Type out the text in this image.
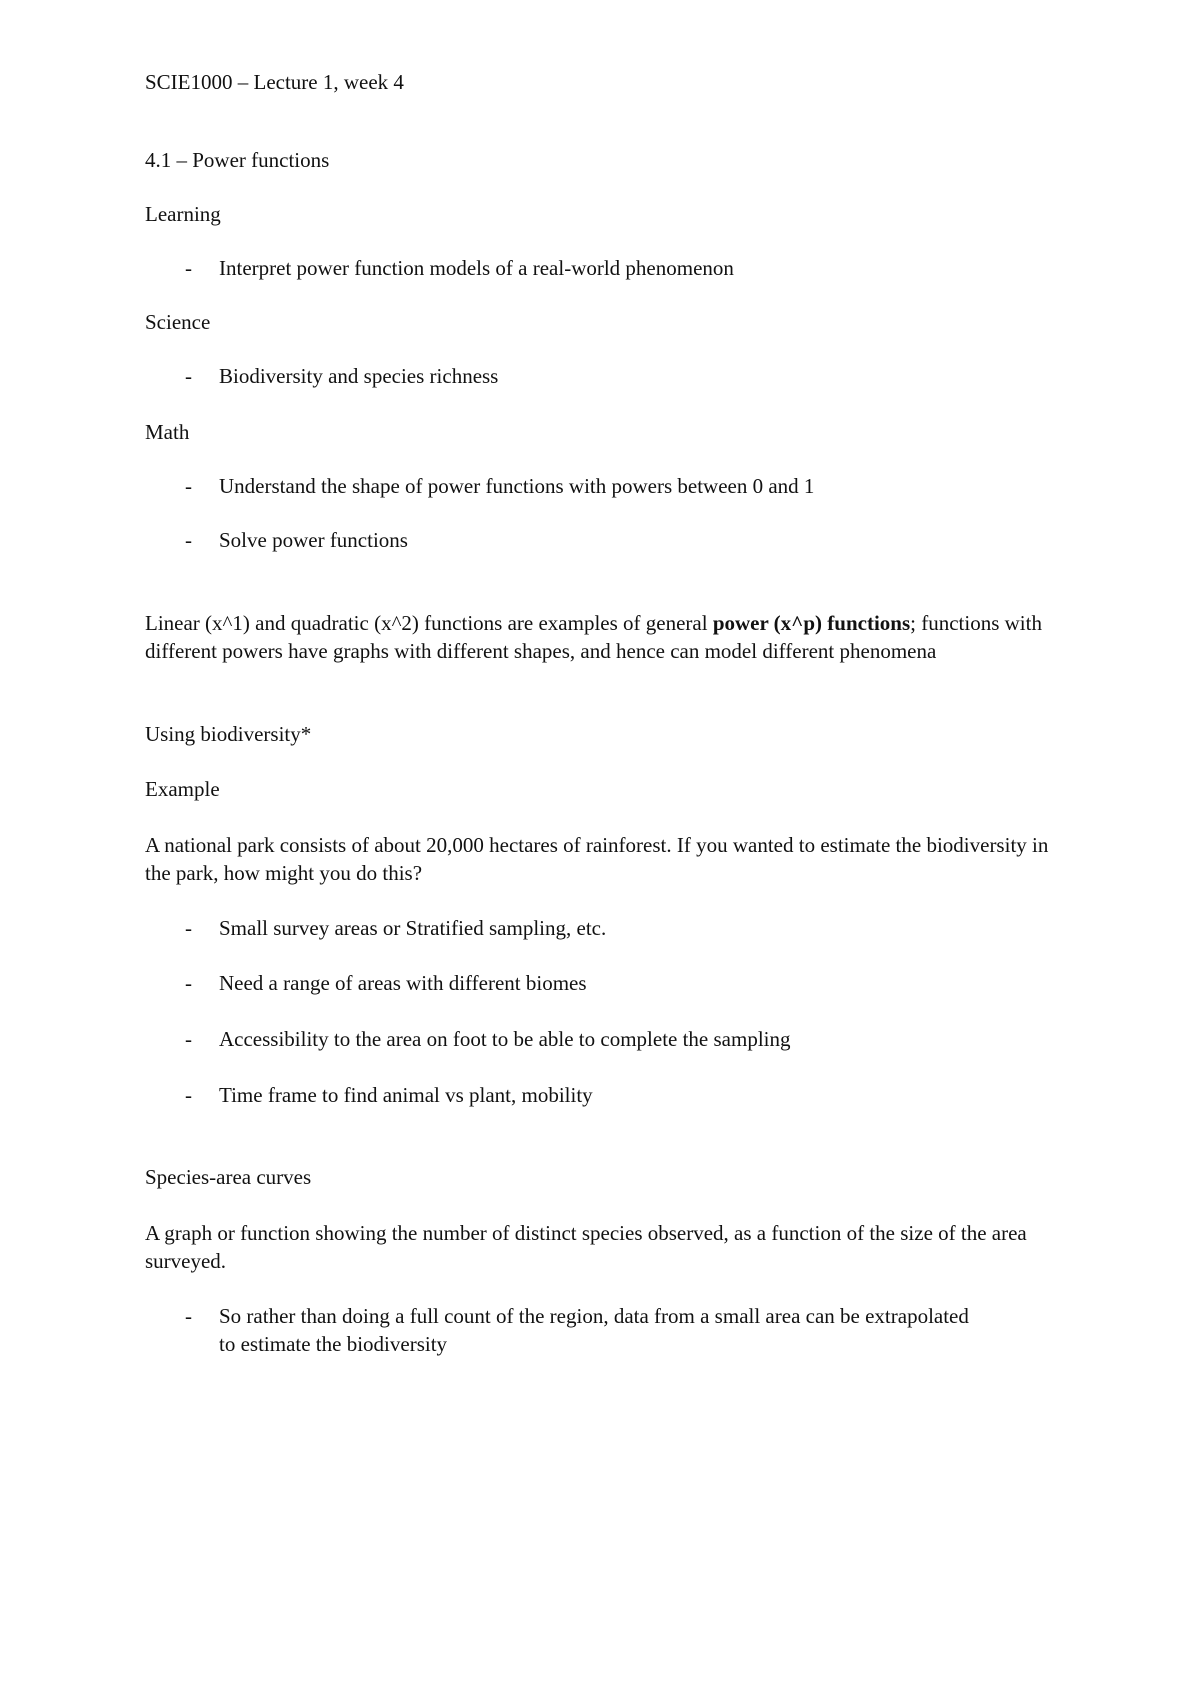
SCIE1000 – Lecture 1, week 4

4.1 – Power functions

Learning

- Interpret power function models of a real-world phenomenon

Science

- Biodiversity and species richness

Math

- Understand the shape of power functions with powers between 0 and 1
- Solve power functions

Linear (x^1) and quadratic (x^2) functions are examples of general power (x^p) functions; functions with different powers have graphs with different shapes, and hence can model different phenomena

Using biodiversity*

Example

A national park consists of about 20,000 hectares of rainforest. If you wanted to estimate the biodiversity in the park, how might you do this?

- Small survey areas or Stratified sampling, etc.
- Need a range of areas with different biomes
- Accessibility to the area on foot to be able to complete the sampling
- Time frame to find animal vs plant, mobility

Species-area curves

A graph or function showing the number of distinct species observed, as a function of the size of the area surveyed.

- So rather than doing a full count of the region, data from a small area can be extrapolated to estimate the biodiversity
